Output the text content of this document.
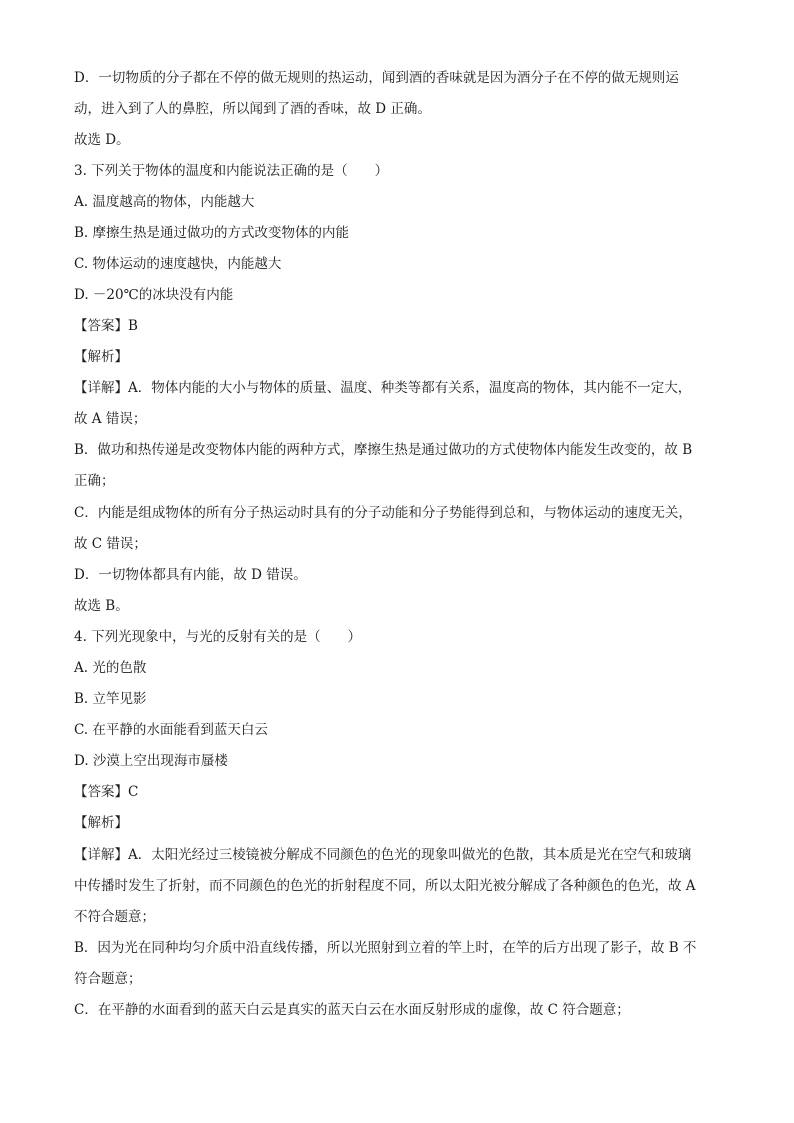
D．一切物质的分子都在不停的做无规则的热运动，闻到酒的香味就是因为酒分子在不停的做无规则运
动，进入到了人的鼻腔，所以闻到了酒的香味，故 D 正确。
故选 D。
3. 下列关于物体的温度和内能说法正确的是（　　）
A. 温度越高的物体，内能越大
B. 摩擦生热是通过做功的方式改变物体的内能
C. 物体运动的速度越快，内能越大
D. －20℃的冰块没有内能
【答案】B
【解析】
【详解】A．物体内能的大小与物体的质量、温度、种类等都有关系，温度高的物体，其内能不一定大，
故 A 错误；
B．做功和热传递是改变物体内能的两种方式，摩擦生热是通过做功的方式使物体内能发生改变的，故 B
正确；
C．内能是组成物体的所有分子热运动时具有的分子动能和分子势能得到总和，与物体运动的速度无关，
故 C 错误；
D．一切物体都具有内能，故 D 错误。
故选 B。
4. 下列光现象中，与光的反射有关的是（　　）
A. 光的色散
B. 立竿见影
C. 在平静的水面能看到蓝天白云
D. 沙漠上空出现海市蜃楼
【答案】C
【解析】
【详解】A．太阳光经过三棱镜被分解成不同颜色的色光的现象叫做光的色散，其本质是光在空气和玻璃
中传播时发生了折射，而不同颜色的色光的折射程度不同，所以太阳光被分解成了各种颜色的色光，故 A
不符合题意；
B．因为光在同种均匀介质中沿直线传播，所以光照射到立着的竿上时，在竿的后方出现了影子，故 B 不
符合题意；
C．在平静的水面看到的蓝天白云是真实的蓝天白云在水面反射形成的虚像，故 C 符合题意；
